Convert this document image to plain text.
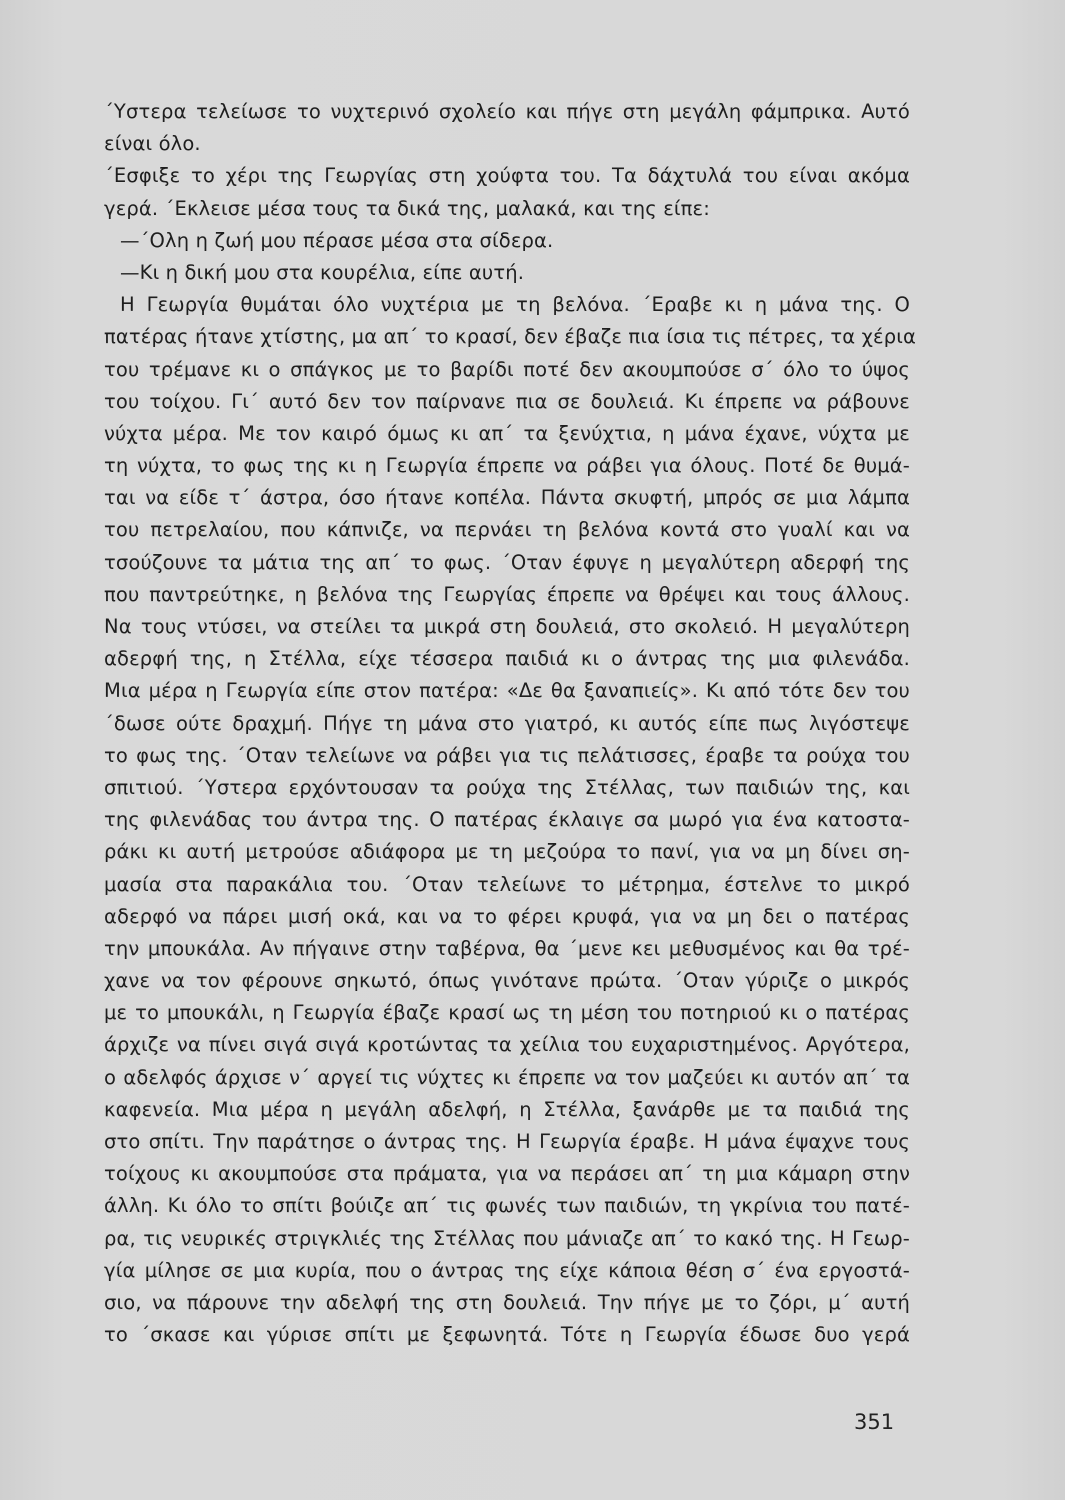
΄Υστερα τελείωσε το νυχτερινό σχολείο και πήγε στη μεγάλη φάμπρικα. Αυτό
είναι όλο.
΄Εσφιξε το χέρι της Γεωργίας στη χούφτα του. Τα δάχτυλά του είναι ακόμα
γερά. ΄Εκλεισε μέσα τους τα δικά της, μαλακά, και της είπε:
—΄Ολη η ζωή μου πέρασε μέσα στα σίδερα.
—Κι η δική μου στα κουρέλια, είπε αυτή.
Η Γεωργία θυμάται όλο νυχτέρια με τη βελόνα. ΄Εραβε κι η μάνα της. Ο
πατέρας ήτανε χτίστης, μα απ΄ το κρασί, δεν έβαζε πια ίσια τις πέτρες, τα χέρια
του τρέμανε κι ο σπάγκος με το βαρίδι ποτέ δεν ακουμπούσε σ΄ όλο το ύψος
του τοίχου. Γι΄ αυτό δεν τον παίρνανε πια σε δουλειά. Κι έπρεπε να ράβουνε
νύχτα μέρα. Με τον καιρό όμως κι απ΄ τα ξενύχτια, η μάνα έχανε, νύχτα με
τη νύχτα, το φως της κι η Γεωργία έπρεπε να ράβει για όλους. Ποτέ δε θυμά-
ται να είδε τ΄ άστρα, όσο ήτανε κοπέλα. Πάντα σκυφτή, μπρός σε μια λάμπα
του πετρελαίου, που κάπνιζε, να περνάει τη βελόνα κοντά στο γυαλί και να
τσούζουνε τα μάτια της απ΄ το φως. ΄Οταν έφυγε η μεγαλύτερη αδερφή της
που παντρεύτηκε, η βελόνα της Γεωργίας έπρεπε να θρέψει και τους άλλους.
Να τους ντύσει, να στείλει τα μικρά στη δουλειά, στο σκολειό. Η μεγαλύτερη
αδερφή της, η Στέλλα, είχε τέσσερα παιδιά κι ο άντρας της μια φιλενάδα.
Μια μέρα η Γεωργία είπε στον πατέρα: «Δε θα ξαναπιείς». Κι από τότε δεν του
΄δωσε ούτε δραχμή. Πήγε τη μάνα στο γιατρό, κι αυτός είπε πως λιγόστεψε
το φως της. ΄Οταν τελείωνε να ράβει για τις πελάτισσες, έραβε τα ρούχα του
σπιτιού. ΄Υστερα ερχόντουσαν τα ρούχα της Στέλλας, των παιδιών της, και
της φιλενάδας του άντρα της. Ο πατέρας έκλαιγε σα μωρό για ένα κατοστα-
ράκι κι αυτή μετρούσε αδιάφορα με τη μεζούρα το πανί, για να μη δίνει ση-
μασία στα παρακάλια του. ΄Οταν τελείωνε το μέτρημα, έστελνε το μικρό
αδερφό να πάρει μισή οκά, και να το φέρει κρυφά, για να μη δει ο πατέρας
την μπουκάλα. Αν πήγαινε στην ταβέρνα, θα ΄μενε κει μεθυσμένος και θα τρέ-
χανε να τον φέρουνε σηκωτό, όπως γινότανε πρώτα. ΄Οταν γύριζε ο μικρός
με το μπουκάλι, η Γεωργία έβαζε κρασί ως τη μέση του ποτηριού κι ο πατέρας
άρχιζε να πίνει σιγά σιγά κροτώντας τα χείλια του ευχαριστημένος. Αργότερα,
ο αδελφός άρχισε ν΄ αργεί τις νύχτες κι έπρεπε να τον μαζεύει κι αυτόν απ΄ τα
καφενεία. Μια μέρα η μεγάλη αδελφή, η Στέλλα, ξανάρθε με τα παιδιά της
στο σπίτι. Την παράτησε ο άντρας της. Η Γεωργία έραβε. Η μάνα έψαχνε τους
τοίχους κι ακουμπούσε στα πράματα, για να περάσει απ΄ τη μια κάμαρη στην
άλλη. Κι όλο το σπίτι βούιζε απ΄ τις φωνές των παιδιών, τη γκρίνια του πατέ-
ρα, τις νευρικές στριγκλιές της Στέλλας που μάνιαζε απ΄ το κακό της. Η Γεωρ-
γία μίλησε σε μια κυρία, που ο άντρας της είχε κάποια θέση σ΄ ένα εργοστά-
σιο, να πάρουνε την αδελφή της στη δουλειά. Την πήγε με το ζόρι, μ΄ αυτή
το ΄σκασε και γύρισε σπίτι με ξεφωνητά. Τότε η Γεωργία έδωσε δυο γερά
351
